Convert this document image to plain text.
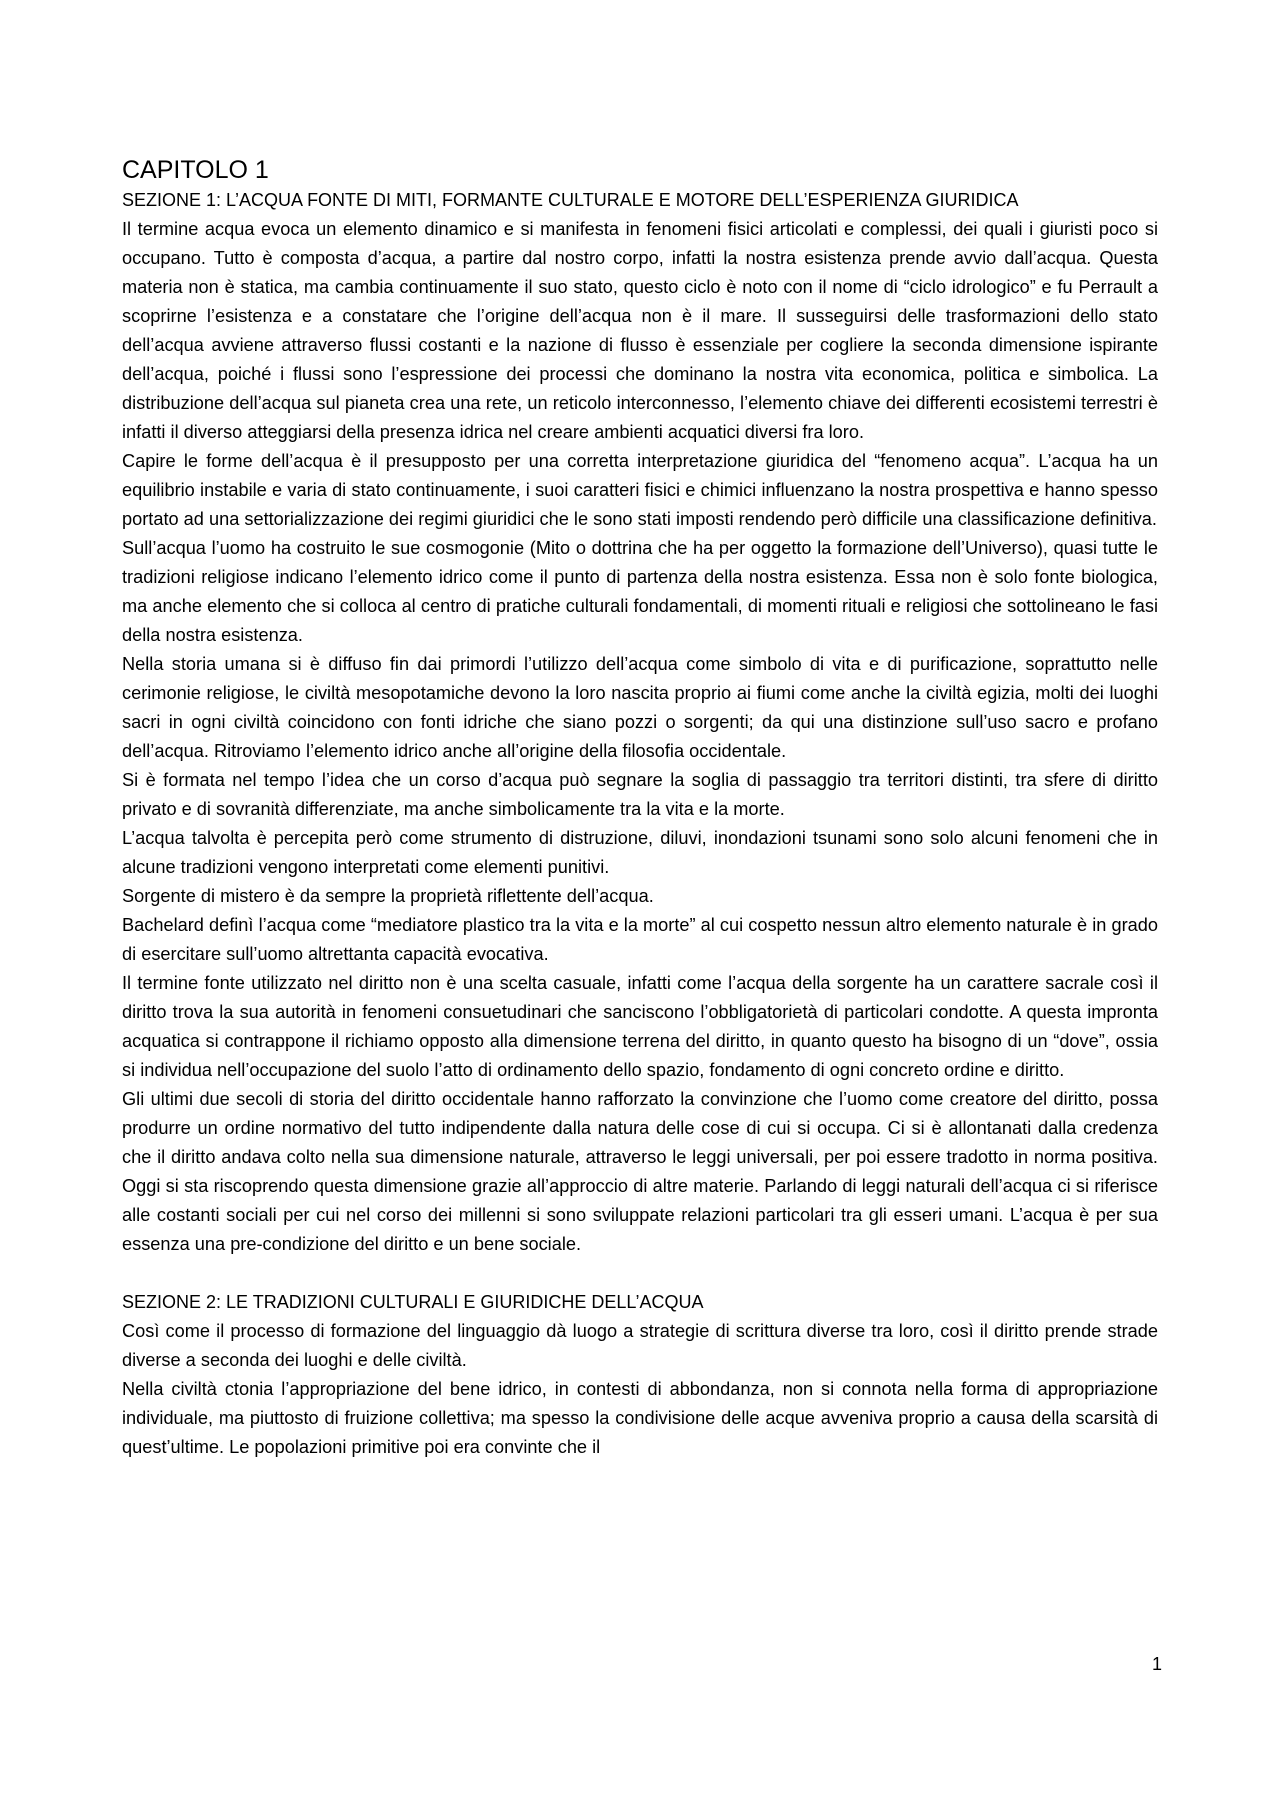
CAPITOLO 1
SEZIONE 1: L’ACQUA FONTE DI MITI, FORMANTE CULTURALE E MOTORE DELL’ESPERIENZA GIURIDICA

Il termine acqua evoca un elemento dinamico e si manifesta in fenomeni fisici articolati e complessi, dei quali i giuristi poco si occupano. Tutto è composta d’acqua, a partire dal nostro corpo, infatti la nostra esistenza prende avvio dall’acqua. Questa materia non è statica, ma cambia continuamente il suo stato, questo ciclo è noto con il nome di “ciclo idrologico” e fu Perrault a scoprirne l’esistenza e a constatare che l’origine dell’acqua non è il mare. Il susseguirsi delle trasformazioni dello stato dell’acqua avviene attraverso flussi costanti e la nazione di flusso è essenziale per cogliere la seconda dimensione ispirante dell’acqua, poiché i flussi sono l’espressione dei processi che dominano la nostra vita economica, politica e simbolica. La distribuzione dell’acqua sul pianeta crea una rete, un reticolo interconnesso, l’elemento chiave dei differenti ecosistemi terrestri è infatti il diverso atteggiarsi della presenza idrica nel creare ambienti acquatici diversi fra loro.

Capire le forme dell’acqua è il presupposto per una corretta interpretazione giuridica del “fenomeno acqua”. L’acqua ha un equilibrio instabile e varia di stato continuamente, i suoi caratteri fisici e chimici influenzano la nostra prospettiva e hanno spesso portato ad una settorializzazione dei regimi giuridici che le sono stati imposti rendendo però difficile una classificazione definitiva.

Sull’acqua l’uomo ha costruito le sue cosmogonie (Mito o dottrina che ha per oggetto la formazione dell’Universo), quasi tutte le tradizioni religiose indicano l’elemento idrico come il punto di partenza della nostra esistenza. Essa non è solo fonte biologica, ma anche elemento che si colloca al centro di pratiche culturali fondamentali, di momenti rituali e religiosi che sottolineano le fasi della nostra esistenza.

Nella storia umana si è diffuso fin dai primordi l’utilizzo dell’acqua come simbolo di vita e di purificazione, soprattutto nelle cerimonie religiose, le civiltà mesopotamiche devono la loro nascita proprio ai fiumi come anche la civiltà egizia, molti dei luoghi sacri in ogni civiltà coincidono con fonti idriche che siano pozzi o sorgenti; da qui una distinzione sull’uso sacro e profano dell’acqua. Ritroviamo l’elemento idrico anche all’origine della filosofia occidentale.

Si è formata nel tempo l’idea che un corso d’acqua può segnare la soglia di passaggio tra territori distinti, tra sfere di diritto privato e di sovranità differenziate, ma anche simbolicamente tra la vita e la morte.

L’acqua talvolta è percepita però come strumento di distruzione, diluvi, inondazioni tsunami sono solo alcuni fenomeni che in alcune tradizioni vengono interpretati come elementi punitivi.

Sorgente di mistero è da sempre la proprietà riflettente dell’acqua.

Bachelard definì l’acqua come “mediatore plastico tra la vita e la morte” al cui cospetto nessun altro elemento naturale è in grado di esercitare sull’uomo altrettanta capacità evocativa.

Il termine fonte utilizzato nel diritto non è una scelta casuale, infatti come l’acqua della sorgente ha un carattere sacrale così il diritto trova la sua autorità in fenomeni consuetudinari che sanciscono l’obbligatorietà di particolari condotte. A questa impronta acquatica si contrappone il richiamo opposto alla dimensione terrena del diritto, in quanto questo ha bisogno di un “dove”, ossia si individua nell’occupazione del suolo l’atto di ordinamento dello spazio, fondamento di ogni concreto ordine e diritto.

Gli ultimi due secoli di storia del diritto occidentale hanno rafforzato la convinzione che l’uomo come creatore del diritto, possa produrre un ordine normativo del tutto indipendente dalla natura delle cose di cui si occupa. Ci si è allontanati dalla credenza che il diritto andava colto nella sua dimensione naturale, attraverso le leggi universali, per poi essere tradotto in norma positiva. Oggi si sta riscoprendo questa dimensione grazie all’approccio di altre materie. Parlando di leggi naturali dell’acqua ci si riferisce alle costanti sociali per cui nel corso dei millenni si sono sviluppate relazioni particolari tra gli esseri umani. L’acqua è per sua essenza una pre-condizione del diritto e un bene sociale.

SEZIONE 2: LE TRADIZIONI CULTURALI E GIURIDICHE DELL’ACQUA

Così come il processo di formazione del linguaggio dà luogo a strategie di scrittura diverse tra loro, così il diritto prende strade diverse a seconda dei luoghi e delle civiltà.

Nella civiltà ctonia l’appropriazione del bene idrico, in contesti di abbondanza, non si connota nella forma di appropriazione individuale, ma piuttosto di fruizione collettiva; ma spesso la condivisione delle acque avveniva proprio a causa della scarsità di quest’ultime. Le popolazioni primitive poi era convinte che il

1
